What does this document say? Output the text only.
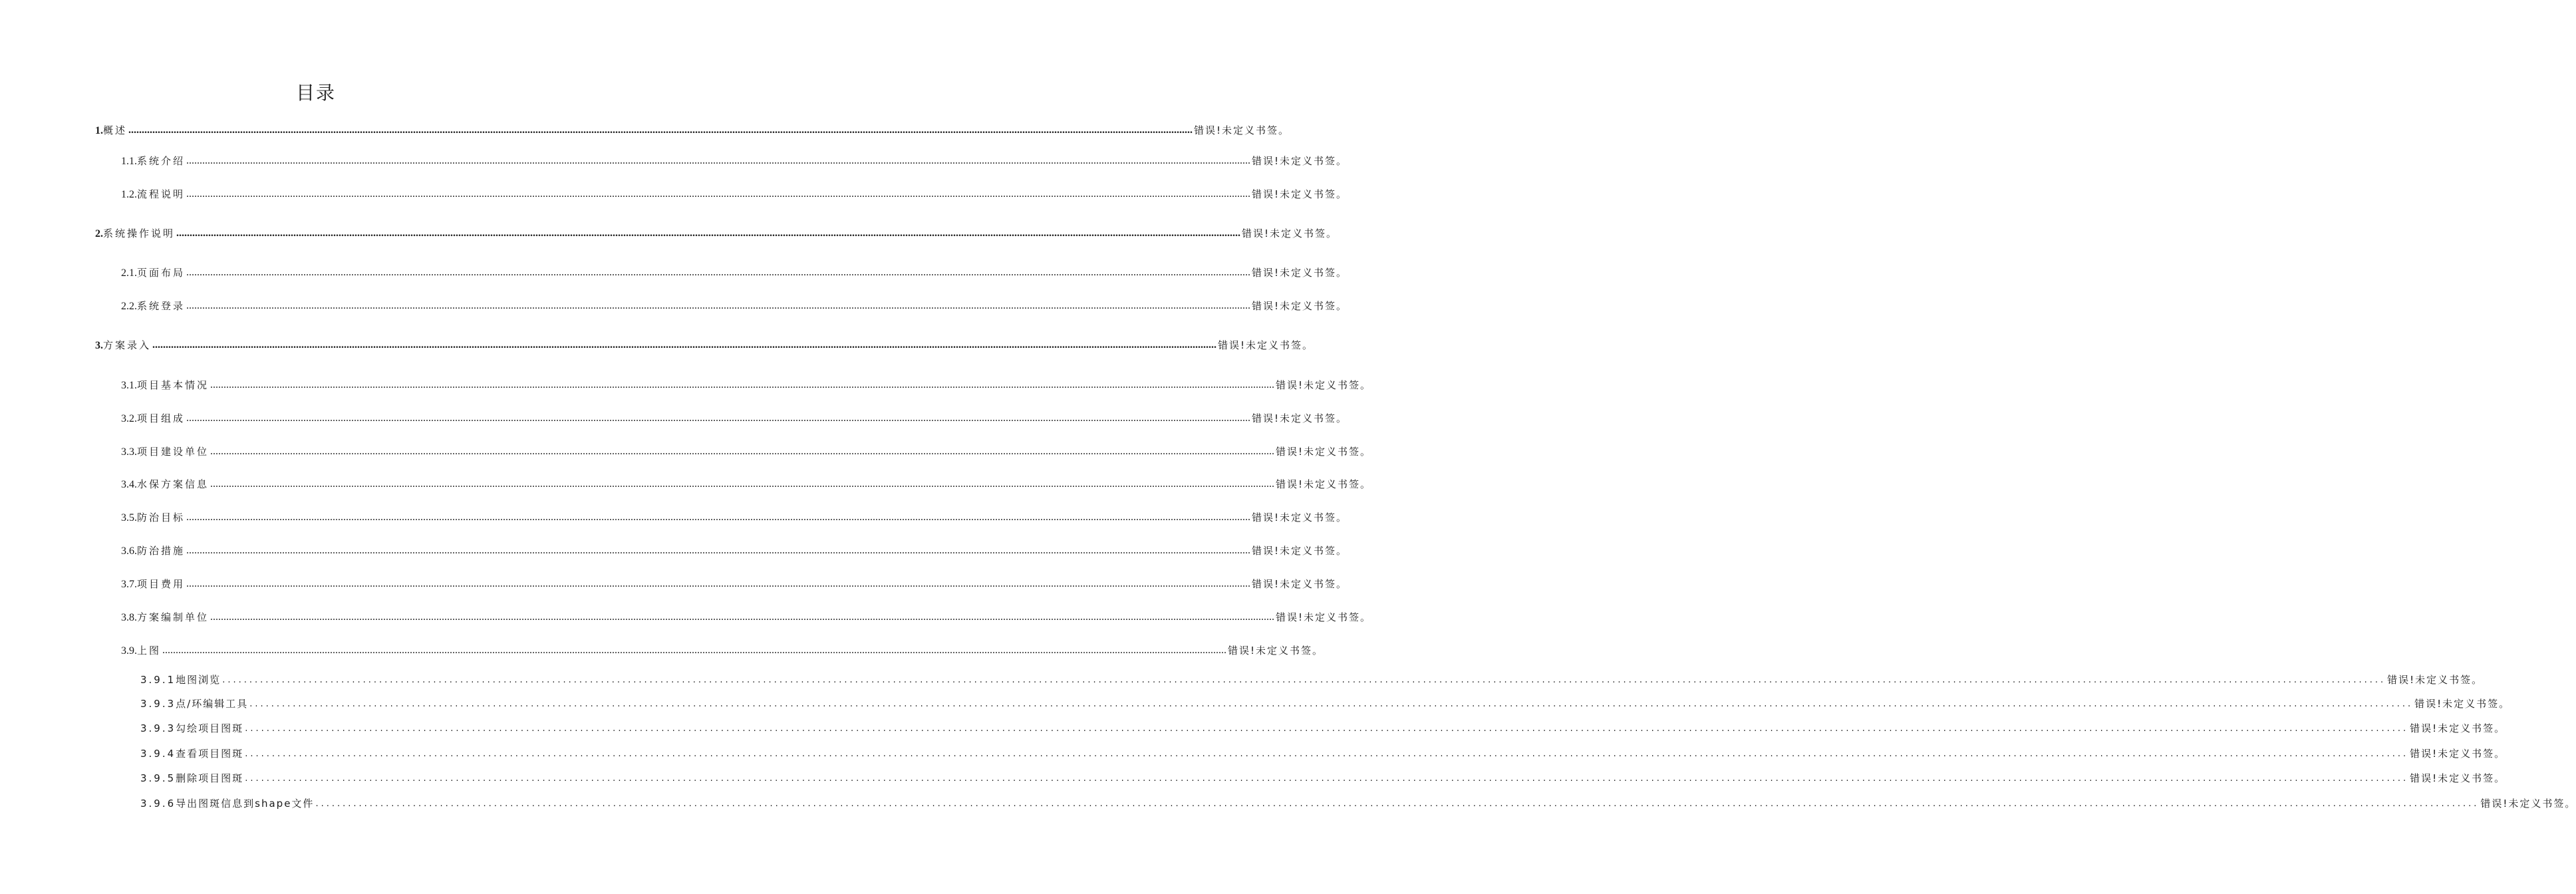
目录
1. 概述 ................................................................................................................................................................................................................................................................................................................................................................................................................ 错误!未定义书签。
1.1. 系统介绍 ................................................................................................................................................................................................................................................................................................................................................................................................................ 错误!未定义书签。
1.2. 流程说明 ................................................................................................................................................................................................................................................................................................................................................................................................................ 错误!未定义书签。
2. 系统操作说明 ................................................................................................................................................................................................................................................................................................................................................................................................................ 错误!未定义书签。
2.1. 页面布局 ................................................................................................................................................................................................................................................................................................................................................................................................................ 错误!未定义书签。
2.2. 系统登录 ................................................................................................................................................................................................................................................................................................................................................................................................................ 错误!未定义书签。
3. 方案录入 ................................................................................................................................................................................................................................................................................................................................................................................................................ 错误!未定义书签。
3.1. 项目基本情况 ................................................................................................................................................................................................................................................................................................................................................................................................................ 错误!未定义书签。
3.2. 项目组成 ................................................................................................................................................................................................................................................................................................................................................................................................................ 错误!未定义书签。
3.3. 项目建设单位 ................................................................................................................................................................................................................................................................................................................................................................................................................ 错误!未定义书签。
3.4. 水保方案信息 ................................................................................................................................................................................................................................................................................................................................................................................................................ 错误!未定义书签。
3.5. 防治目标 ................................................................................................................................................................................................................................................................................................................................................................................................................ 错误!未定义书签。
3.6. 防治措施 ................................................................................................................................................................................................................................................................................................................................................................................................................ 错误!未定义书签。
3.7. 项目费用 ................................................................................................................................................................................................................................................................................................................................................................................................................ 错误!未定义书签。
3.8. 方案编制单位 ................................................................................................................................................................................................................................................................................................................................................................................................................ 错误!未定义书签。
3.9. 上图 ................................................................................................................................................................................................................................................................................................................................................................................................................ 错误!未定义书签。
3.9.1 地图浏览 ................................................................................................................................................................................................................................................................................................................................................................................................................ 错误!未定义书签。
3.9.3 点/环编辑工具 ................................................................................................................................................................................................................................................................................................................................................................................................................ 错误!未定义书签。
3.9.3 勾绘项目图斑 ................................................................................................................................................................................................................................................................................................................................................................................................................ 错误!未定义书签。
3.9.4 查看项目图斑 ................................................................................................................................................................................................................................................................................................................................................................................................................ 错误!未定义书签。
3.9.5 删除项目图斑 ................................................................................................................................................................................................................................................................................................................................................................................................................ 错误!未定义书签。
3.9.6 导出图斑信息到shape文件 ................................................................................................................................................................................................................................................................................................................................................................................................................ 错误!未定义书签。
